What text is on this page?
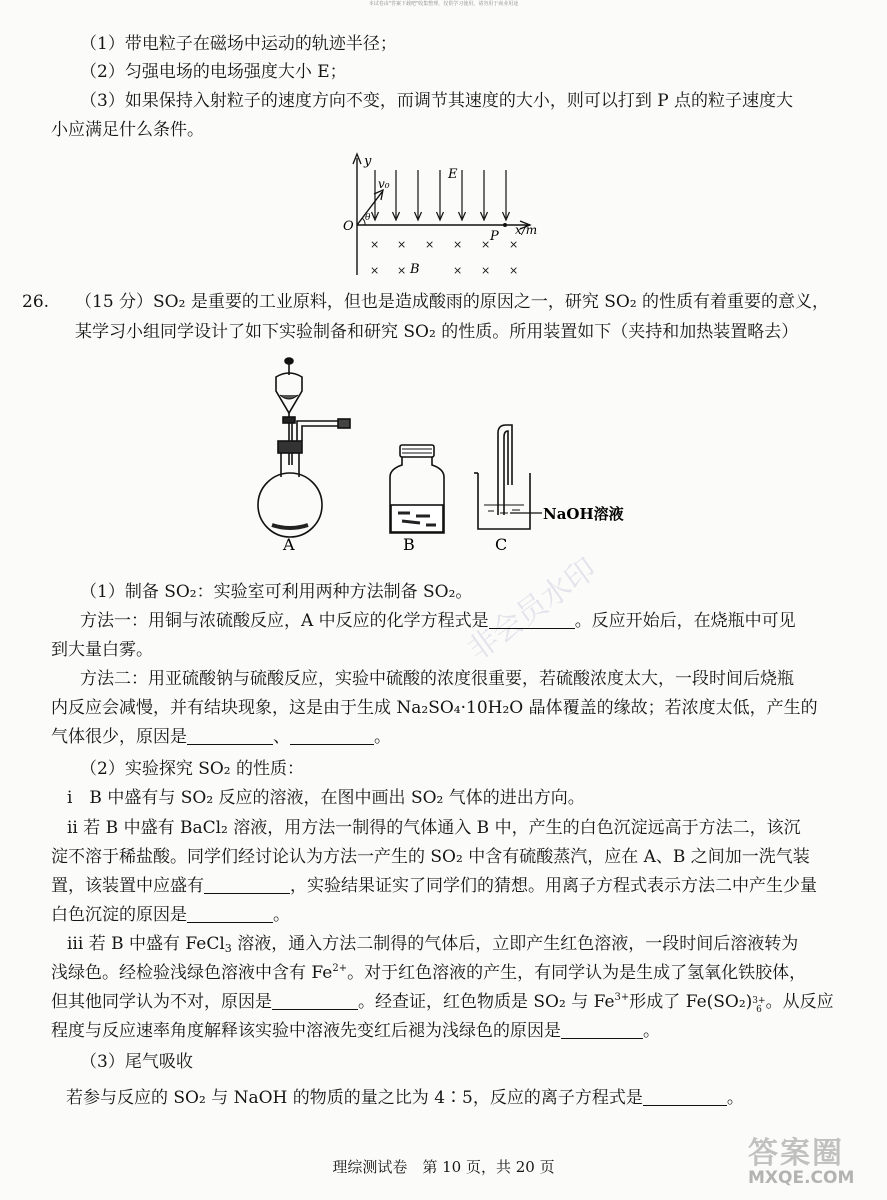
本试卷由"答案下载吧"收集整理，仅供学习使用，请勿用于商业用途
（1）带电粒子在磁场中运动的轨迹半径；
（2）匀强电场的电场强度大小 E；
（3）如果保持入射粒子的速度方向不变，而调节其速度的大小，则可以打到 P 点的粒子速度大
小应满足什么条件。
y
x/m
O
E
v₀
θ
P
× × × × × ×
× ×	× × ×
B
26. （15 分）SO₂ 是重要的工业原料，但也是造成酸雨的原因之一，研究 SO₂ 的性质有着重要的意义，
某学习小组同学设计了如下实验制备和研究 SO₂ 的性质。所用装置如下（夹持和加热装置略去）
A	B
NaOH溶液
C
非会员水印
（1）制备 SO₂：实验室可利用两种方法制备 SO₂。
方法一：用铜与浓硫酸反应，A 中反应的化学方程式是	。反应开始后，在烧瓶中可见
到大量白雾。
方法二：用亚硫酸钠与硫酸反应，实验中硫酸的浓度很重要，若硫酸浓度太大，一段时间后烧瓶
内反应会减慢，并有结块现象，这是由于生成 Na₂SO₄·10H₂O 晶体覆盖的缘故；若浓度太低，产生的
气体很少，原因是	、	。
（2）实验探究 SO₂ 的性质：
i　B 中盛有与 SO₂ 反应的溶液，在图中画出 SO₂ 气体的进出方向。
ii 若 B 中盛有 BaCl₂ 溶液，用方法一制得的气体通入 B 中，产生的白色沉淀远高于方法二，该沉
淀不溶于稀盐酸。同学们经讨论认为方法一产生的 SO₂ 中含有硫酸蒸汽，应在 A、B 之间加一洗气装
置，该装置中应盛有	，实验结果证实了同学们的猜想。用离子方程式表示方法二中产生少量
白色沉淀的原因是	。
iii 若 B 中盛有 FeCl$_3$ 溶液，通入方法二制得的气体后，立即产生红色溶液，一段时间后溶液转为
浅绿色。经检验浅绿色溶液中含有 $Fe^{2+}$。对于红色溶液的产生，有同学认为是生成了氢氧化铁胶体，
但其他同学认为不对，原因是	。经查证，红色物质是 SO₂ 与 $Fe^{3+}$形成了 Fe(SO₂) 3+
6 。从反应
程度与反应速率角度解释该实验中溶液先变红后褪为浅绿色的原因是	。
（3）尾气吸收
若参与反应的 SO₂ 与 NaOH 的物质的量之比为 4∶5，反应的离子方程式是	。
理综测试卷　第 10 页，共 20 页	答案圈
MXQE.COM
